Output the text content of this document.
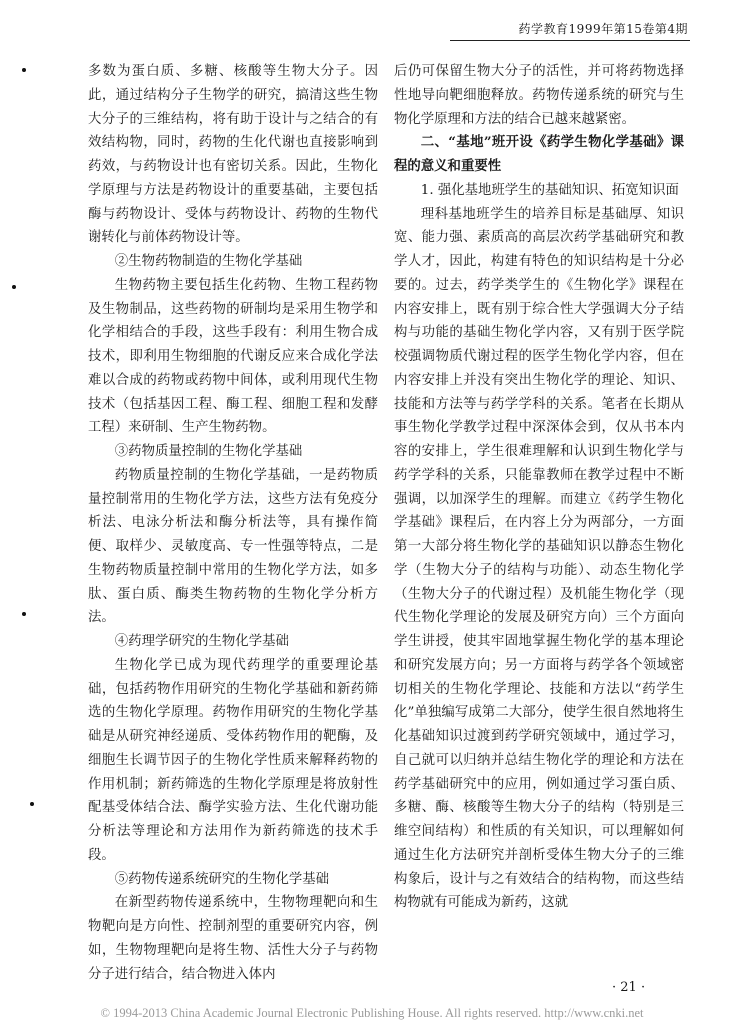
药学教育1999年第15卷第4期

多数为蛋白质、多糖、核酸等生物大分子。因此，通过结构分子生物学的研究，搞清这些生物大分子的三维结构，将有助于设计与之结合的有效结构物，同时，药物的生化代谢也直接影响到药效，与药物设计也有密切关系。因此，生物化学原理与方法是药物设计的重要基础，主要包括酶与药物设计、受体与药物设计、药物的生物代谢转化与前体药物设计等。

②生物药物制造的生物化学基础

生物药物主要包括生化药物、生物工程药物及生物制品，这些药物的研制均是采用生物学和化学相结合的手段，这些手段有：利用生物合成技术，即利用生物细胞的代谢反应来合成化学法难以合成的药物或药物中间体，或利用现代生物技术（包括基因工程、酶工程、细胞工程和发酵工程）来研制、生产生物药物。

③药物质量控制的生物化学基础

药物质量控制的生物化学基础，一是药物质量控制常用的生物化学方法，这些方法有免疫分析法、电泳分析法和酶分析法等，具有操作简便、取样少、灵敏度高、专一性强等特点，二是生物药物质量控制中常用的生物化学方法，如多肽、蛋白质、酶类生物药物的生物化学分析方法。

④药理学研究的生物化学基础

生物化学已成为现代药理学的重要理论基础，包括药物作用研究的生物化学基础和新药筛选的生物化学原理。药物作用研究的生物化学基础是从研究神经递质、受体药物作用的靶酶，及细胞生长调节因子的生物化学性质来解释药物的作用机制；新药筛选的生物化学原理是将放射性配基受体结合法、酶学实验方法、生化代谢功能分析法等理论和方法用作为新药筛选的技术手段。

⑤药物传递系统研究的生物化学基础

在新型药物传递系统中，生物物理靶向和生物靶向是方向性、控制剂型的重要研究内容，例如，生物物理靶向是将生物、活性大分子与药物分子进行结合，结合物进入体内

后仍可保留生物大分子的活性，并可将药物选择性地导向靶细胞释放。药物传递系统的研究与生物化学原理和方法的结合已越来越紧密。

二、“基地”班开设《药学生物化学基础》课程的意义和重要性

1. 强化基地班学生的基础知识、拓宽知识面

理科基地班学生的培养目标是基础厚、知识宽、能力强、素质高的高层次药学基础研究和教学人才，因此，构建有特色的知识结构是十分必要的。过去，药学类学生的《生物化学》课程在内容安排上，既有别于综合性大学强调大分子结构与功能的基础生物化学内容，又有别于医学院校强调物质代谢过程的医学生物化学内容，但在内容安排上并没有突出生物化学的理论、知识、技能和方法等与药学学科的关系。笔者在长期从事生物化学教学过程中深深体会到，仅从书本内容的安排上，学生很难理解和认识到生物化学与药学学科的关系，只能靠教师在教学过程中不断强调，以加深学生的理解。而建立《药学生物化学基础》课程后，在内容上分为两部分，一方面第一大部分将生物化学的基础知识以静态生物化学（生物大分子的结构与功能）、动态生物化学（生物大分子的代谢过程）及机能生物化学（现代生物化学理论的发展及研究方向）三个方面向学生讲授，使其牢固地掌握生物化学的基本理论和研究发展方向；另一方面将与药学各个领域密切相关的生物化学理论、技能和方法以“药学生化”单独编写成第二大部分，使学生很自然地将生化基础知识过渡到药学研究领域中，通过学习，自己就可以归纳并总结生物化学的理论和方法在药学基础研究中的应用，例如通过学习蛋白质、多糖、酶、核酸等生物大分子的结构（特别是三维空间结构）和性质的有关知识，可以理解如何通过生化方法研究并剖析受体生物大分子的三维构象后，设计与之有效结合的结构物，而这些结构物就有可能成为新药，这就

· 21 ·
© 1994-2013 China Academic Journal Electronic Publishing House. All rights reserved. http://www.cnki.net
